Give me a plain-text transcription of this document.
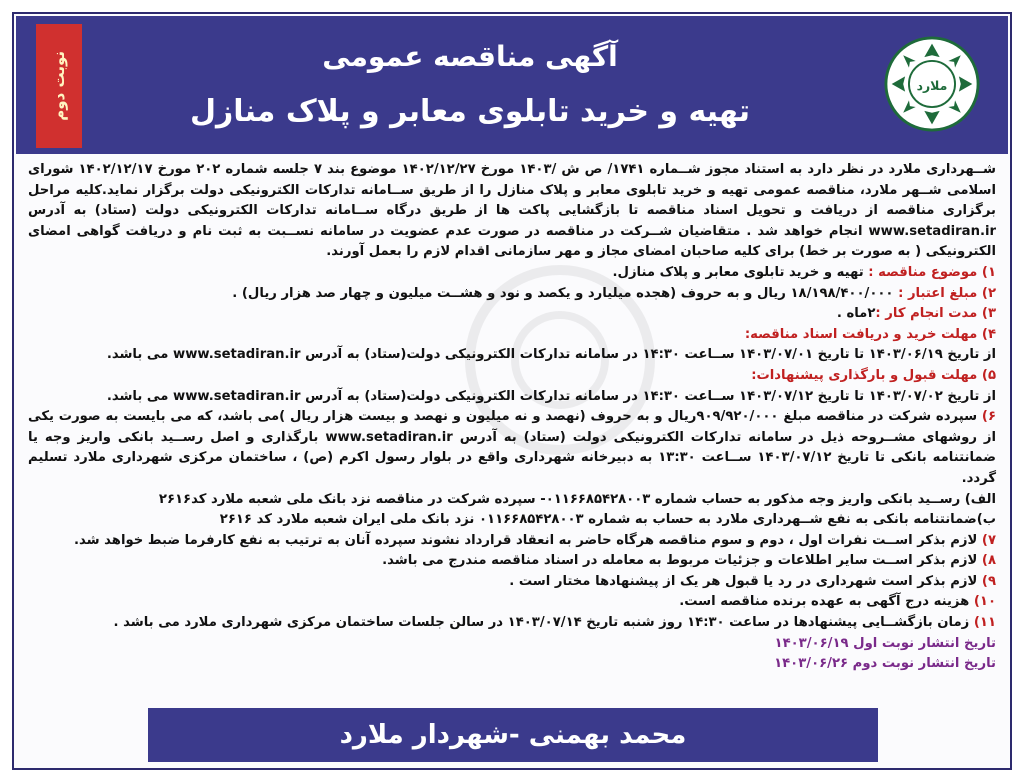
نوبت دوم	آگهی مناقصه عمومی
تهیه و خرید تابلوی معابر و پلاک منازل
ملارد

شــهرداری ملارد در نظر دارد به استناد مجوز شــماره ۱۷۴۱/ ص ش /۱۴۰۳ مورخ ۱۴۰۲/۱۲/۲۷ موضوع بند ۷ جلسه شماره ۲۰۲ مورخ ۱۴۰۲/۱۲/۱۷ شورای اسلامی شــهر ملارد، مناقصه عمومی تهیه و خرید تابلوی معابر و پلاک منازل را از طریق ســامانه تدارکات الکترونیکی دولت برگزار نماید.کلیه مراحل برگزاری مناقصه از دریافت و تحویل اسناد مناقصه تا بازگشایی پاکت ها از طریق درگاه ســامانه تدارکات الکترونیکی دولت (ستاد) به آدرس www.setadiran.ir انجام خواهد شد . متقاضیان شــرکت در مناقصه در صورت عدم عضویت در سامانه نســبت به ثبت نام و دریافت گواهی امضای الکترونیکی ( به صورت بر خط) برای کلیه صاحبان امضای مجاز و مهر سازمانی اقدام لازم را بعمل آورند.

۱) موضوع مناقصه : تهیه و خرید تابلوی معابر و پلاک منازل.

۲) مبلغ اعتبار : ۱۸/۱۹۸/۴۰۰/۰۰۰ ریال و به حروف (هجده میلیارد و یکصد و نود و هشــت میلیون و چهار صد هزار ریال) .

۳) مدت انجام کار :۲ماه .

۴) مهلت خرید و دریافت اسناد مناقصه:

از تاریخ ۱۴۰۳/۰۶/۱۹ تا تاریخ ۱۴۰۳/۰۷/۰۱ ســاعت ۱۴:۳۰ در سامانه تدارکات الکترونیکی دولت(ستاد) به آدرس www.setadiran.ir می باشد.

۵) مهلت قبول و بارگذاری پیشنهادات:

از تاریخ ۱۴۰۳/۰۷/۰۲ تا تاریخ ۱۴۰۳/۰۷/۱۲ ســاعت ۱۴:۳۰ در سامانه تدارکات الکترونیکی دولت(ستاد) به آدرس www.setadiran.ir می باشد.

۶) سپرده شرکت در مناقصه مبلغ ۹۰۹/۹۲۰/۰۰۰ریال و به حروف (نهصد و نه میلیون و نهصد و بیست هزار ریال )می باشد، که می بایست به صورت یکی از روشهای مشــروحه ذیل در سامانه تدارکات الکترونیکی دولت (ستاد) به آدرس www.setadiran.ir بارگذاری و اصل رســید بانکی واریز وجه یا ضمانتنامه بانکی تا تاریخ ۱۴۰۳/۰۷/۱۲ ســاعت ۱۳:۳۰ به دبیرخانه شهرداری واقع در بلوار رسول اکرم (ص) ، ساختمان مرکزی شهرداری ملارد تسلیم گردد.

الف) رســید بانکی واریز وجه مذکور به حساب شماره ۰۱۱۶۶۸۵۴۲۸۰۰۳- سپرده شرکت در مناقصه نزد بانک ملی شعبه ملارد کد۲۶۱۶

ب)ضمانتنامه بانکی به نفع شــهرداری ملارد به حساب به شماره ۰۱۱۶۶۸۵۴۲۸۰۰۳ نزد بانک ملی ایران شعبه ملارد کد ۲۶۱۶

۷) لازم بذکر اســت نفرات اول ، دوم و سوم مناقصه هرگاه حاضر به انعقاد قرارداد نشوند سپرده آنان به ترتیب به نفع کارفرما ضبط خواهد شد.

۸) لازم بذکر اســت سایر اطلاعات و جزئیات مربوط به معامله در اسناد مناقصه مندرج می باشد.

۹) لازم بذکر است شهرداری در رد یا قبول هر یک از پیشنهادها مختار است .

۱۰) هزینه درج آگهی به عهده برنده مناقصه است.

۱۱) زمان بازگشــایی پیشنهادها در ساعت ۱۴:۳۰ روز شنبه تاریخ ۱۴۰۳/۰۷/۱۴ در سالن جلسات ساختمان مرکزی شهرداری ملارد می باشد .

تاریخ انتشار نوبت اول ۱۴۰۳/۰۶/۱۹

تاریخ انتشار نوبت دوم ۱۴۰۳/۰۶/۲۶

محمد بهمنی -شهردار ملارد
